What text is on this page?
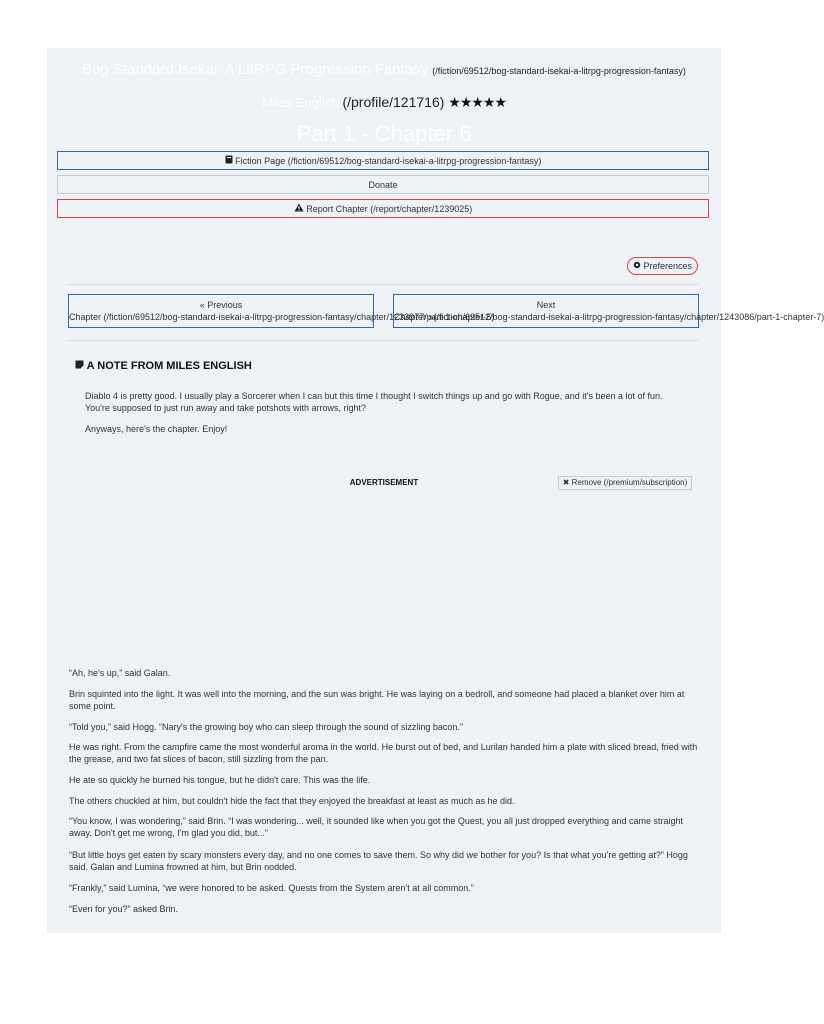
Bog Standard Isekai: A LitRPG Progression Fantasy (/fiction/69512/bog-standard-isekai-a-litrpg-progression-fantasy)
Miles English (/profile/121716) ★★★★★
Part 1 - Chapter 6
Fiction Page (/fiction/69512/bog-standard-isekai-a-litrpg-progression-fantasy)
Donate
Report Chapter (/report/chapter/1239025)
Preferences
« Previous
Chapter (/fiction/69512/bog-standard-isekai-a-litrpg-progression-fantasy/chapter/1233977/part-1-chapter-5)
Next
Chapter »(/fiction/69512/bog-standard-isekai-a-litrpg-progression-fantasy/chapter/1243086/part-1-chapter-7)
A NOTE FROM MILES ENGLISH
Diablo 4 is pretty good. I usually play a Sorcerer when I can but this time I thought I switch things up and go with Rogue, and it's been a lot of fun. You're supposed to just run away and take potshots with arrows, right?
Anyways, here's the chapter. Enjoy!
ADVERTISEMENT	✖ Remove (/premium/subscription)
“Ah, he's up,” said Galan.
Brin squinted into the light. It was well into the morning, and the sun was bright. He was laying on a bedroll, and someone had placed a blanket over him at some point.
“Told you,” said Hogg. “Nary's the growing boy who can sleep through the sound of sizzling bacon.”
He was right. From the campfire came the most wonderful aroma in the world. He burst out of bed, and Lurilan handed him a plate with sliced bread, fried with the grease, and two fat slices of bacon, still sizzling from the pan.
He ate so quickly he burned his tongue, but he didn't care. This was the life.
The others chuckled at him, but couldn't hide the fact that they enjoyed the breakfast at least as much as he did.
“You know, I was wondering,” said Brin. “I was wondering... well, it sounded like when you got the Quest, you all just dropped everything and came straight away. Don't get me wrong, I'm glad you did, but...”
“But little boys get eaten by scary monsters every day, and no one comes to save them. So why did we bother for you? Is that what you're getting at?” Hogg said. Galan and Lumina frowned at him, but Brin nodded.
“Frankly,” said Lumina, “we were honored to be asked. Quests from the System aren't at all common.”
“Even for you?” asked Brin.
